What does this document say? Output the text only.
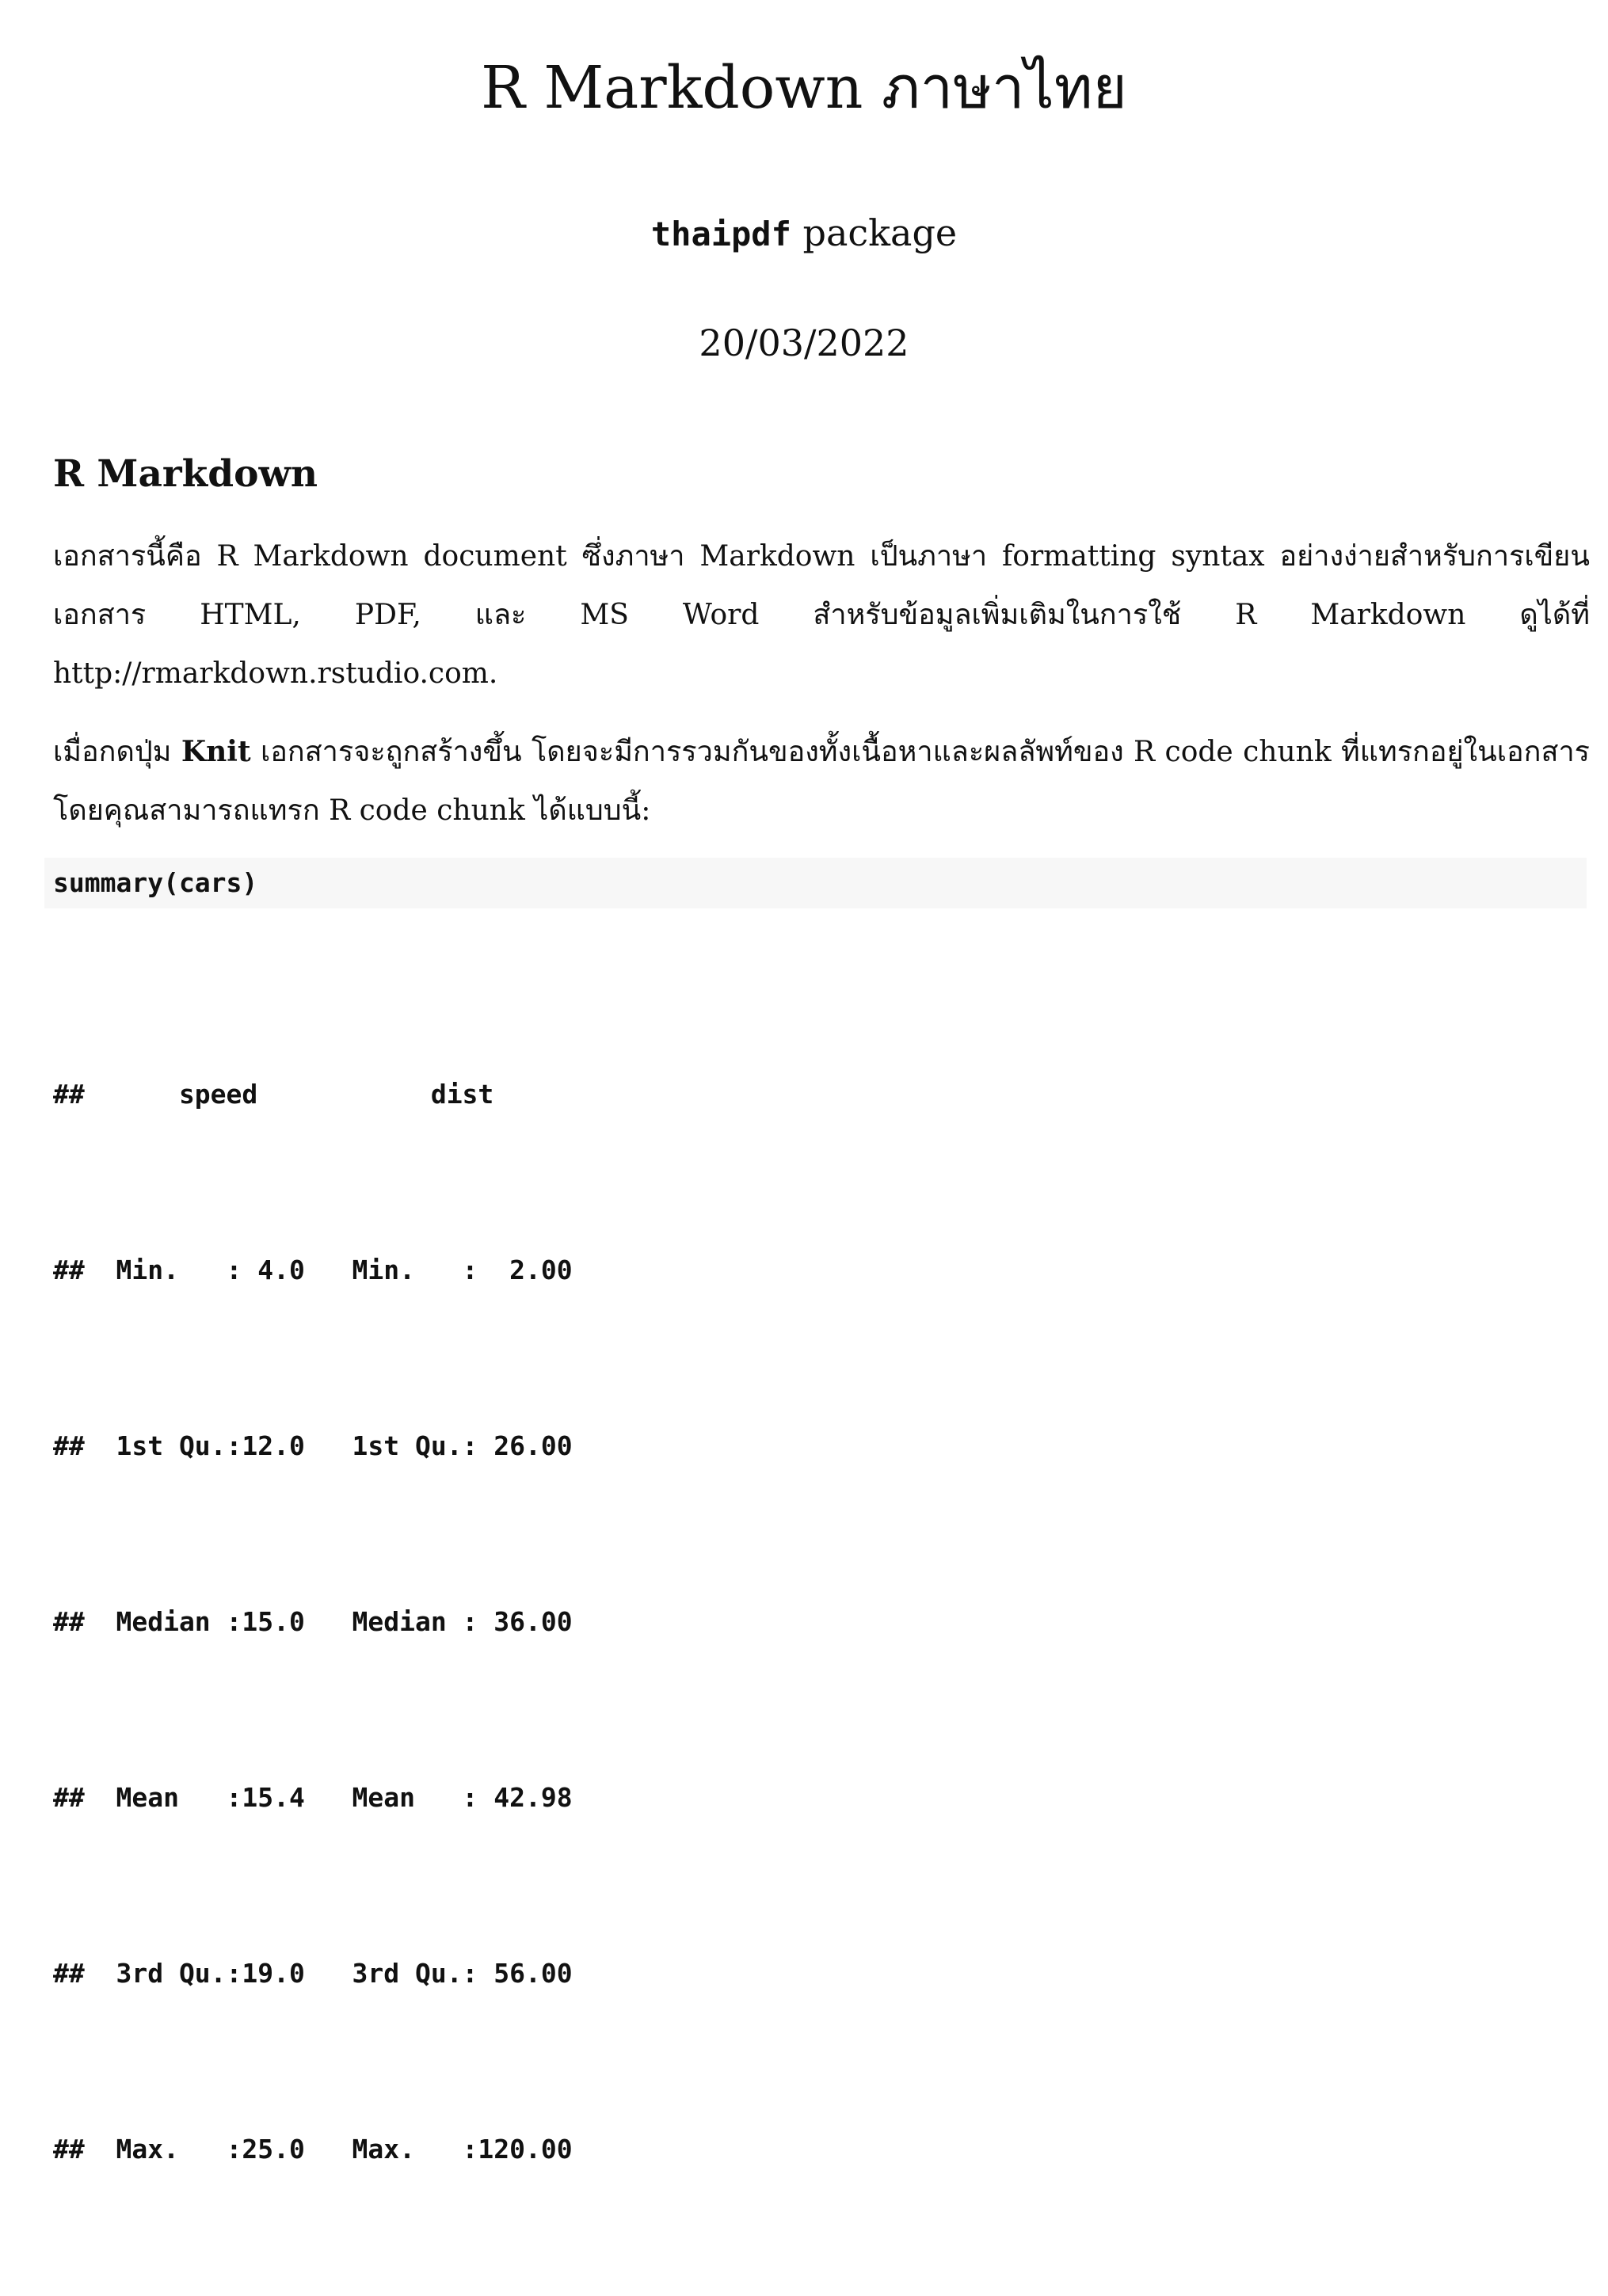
R Markdown ภาษาไทย
thaipdf package
20/03/2022
R Markdown

เอกสารนี้คือ R Markdown document ซึ่งภาษา Markdown เป็นภาษา formatting syntax อย่างง่ายสำหรับการเขียนเอกสาร HTML, PDF, และ MS Word สำหรับข้อมูลเพิ่มเติมในการใช้ R Markdown ดูได้ที่ http://rmarkdown.rstudio.com.

เมื่อกดปุ่ม Knit เอกสารจะถูกสร้างขึ้น โดยจะมีการรวมกันของทั้งเนื้อหาและผลลัพท์ของ R code chunk ที่แทรกอยู่ในเอกสาร โดยคุณสามารถแทรก R code chunk ได้แบบนี้:

summary(cars)

##      speed           dist

##  Min.   : 4.0   Min.   :  2.00

##  1st Qu.:12.0   1st Qu.: 26.00

##  Median :15.0   Median : 36.00

##  Mean   :15.4   Mean   : 42.98

##  3rd Qu.:19.0   3rd Qu.: 56.00

##  Max.   :25.0   Max.   :120.00
